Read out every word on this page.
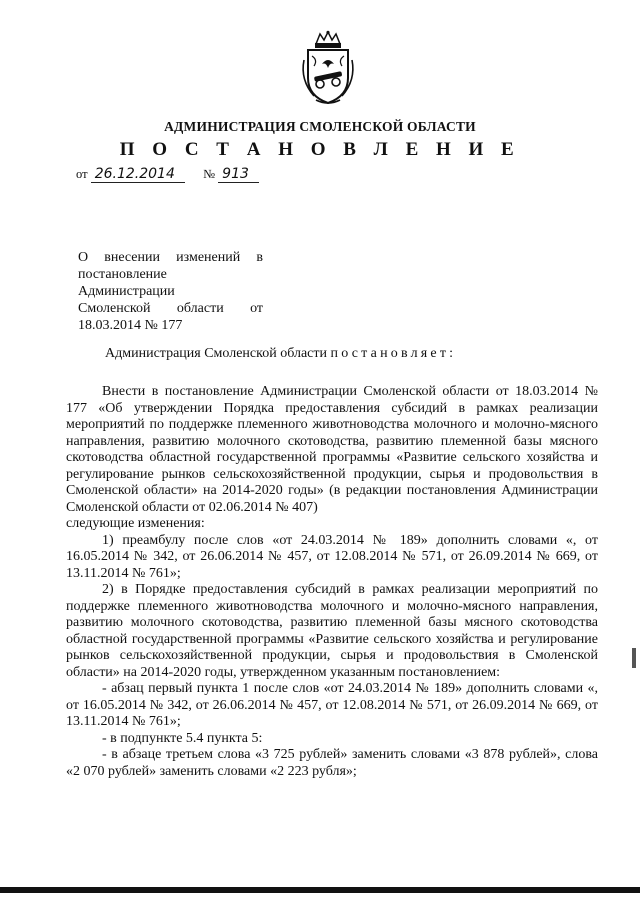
АДМИНИСТРАЦИЯ СМОЛЕНСКОЙ ОБЛАСТИ
П О С Т А Н О В Л Е Н И Е
от 26.12.2014 № 913
О внесении изменений в
постановление Администрации
Смоленской области от
18.03.2014 № 177
Администрация Смоленской области постановляет:

Внести в постановление Администрации Смоленской области от 18.03.2014 № 177 «Об утверждении Порядка предоставления субсидий в рамках реализации мероприятий по поддержке племенного животноводства молочного и молочно-мясного направления, развитию молочного скотоводства, развитию племенной базы мясного скотоводства областной государственной программы «Развитие сельского хозяйства и регулирование рынков сельскохозяйственной продукции, сырья и продовольствия в Смоленской области» на 2014-2020 годы» (в редакции постановления Администрации Смоленской области от 02.06.2014 № 407)

следующие изменения:

1) преамбулу после слов «от 24.03.2014 № 189» дополнить словами «, от 16.05.2014 № 342, от 26.06.2014 № 457, от 12.08.2014 № 571, от 26.09.2014 № 669, от 13.11.2014 № 761»;

2) в Порядке предоставления субсидий в рамках реализации мероприятий по поддержке племенного животноводства молочного и молочно-мясного направления, развитию молочного скотоводства, развитию племенной базы мясного скотоводства областной государственной программы «Развитие сельского хозяйства и регулирование рынков сельскохозяйственной продукции, сырья и продовольствия в Смоленской области» на 2014-2020 годы, утвержденном указанным постановлением:

- абзац первый пункта 1 после слов «от 24.03.2014 № 189» дополнить словами «, от 16.05.2014 № 342, от 26.06.2014 № 457, от 12.08.2014 № 571, от 26.09.2014 № 669, от 13.11.2014 № 761»;

- в подпункте 5.4 пункта 5:

- в абзаце третьем слова «3 725 рублей» заменить словами «3 878 рублей», слова «2 070 рублей» заменить словами «2 223 рубля»;
